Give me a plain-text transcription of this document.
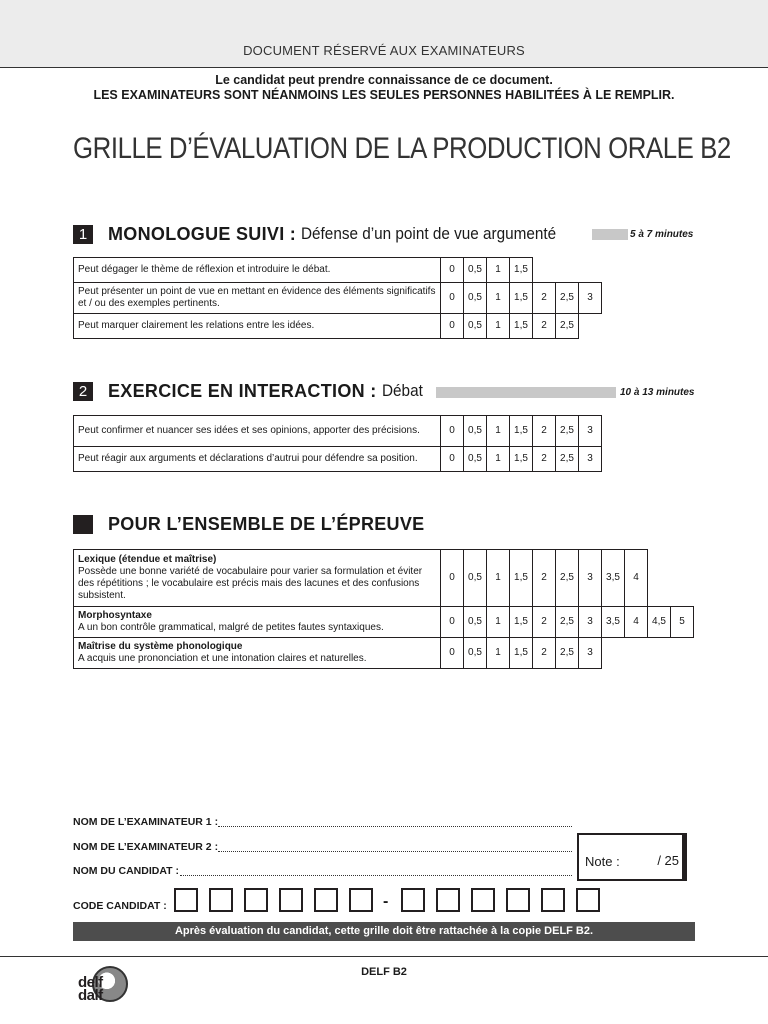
DOCUMENT RÉSERVÉ AUX EXAMINATEURS
Le candidat peut prendre connaissance de ce document.
LES EXAMINATEURS SONT NÉANMOINS LES SEULES PERSONNES HABILITÉES À LE REMPLIR.
GRILLE D’ÉVALUATION DE LA PRODUCTION ORALE B2
1	MONOLOGUE SUIVI : Défense d’un point de vue argumenté	5 à 7 minutes
Peut dégager le thème de réflexion et introduire le débat.	0	0,5	1	1,5			
Peut présenter un point de vue en mettant en évidence des éléments significatifs et / ou des exemples pertinents.	0	0,5	1	1,5	2	2,5	3
Peut marquer clairement les relations entre les idées.	0	0,5	1	1,5	2	2,5	
2	EXERCICE EN INTERACTION : Débat	10 à 13 minutes
Peut confirmer et nuancer ses idées et ses opinions, apporter des précisions.	0	0,5	1	1,5	2	2,5	3
Peut réagir aux arguments et déclarations d’autrui pour défendre sa position.	0	0,5	1	1,5	2	2,5	3
POUR L’ENSEMBLE DE L’ÉPREUVE
Lexique (étendue et maîtrise)
Possède une bonne variété de vocabulaire pour varier sa formulation et éviter des répétitions ; le vocabulaire est précis mais des lacunes et des confusions subsistent.	0	0,5	1	1,5	2	2,5	3	3,5	4		

Morphosyntaxe
A un bon contrôle grammatical, malgré de petites fautes syntaxiques.	0	0,5	1	1,5	2	2,5	3	3,5	4	4,5	5

Maîtrise du système phonologique
A acquis une prononciation et une intonation claires et naturelles.	0	0,5	1	1,5	2	2,5	3				
NOM DE L’EXAMINATEUR 1 :
NOM DE L’EXAMINATEUR 2 :
NOM DU CANDIDAT :
Note :	/ 25
CODE CANDIDAT :	-
Après évaluation du candidat, cette grille doit être rattachée à la copie DELF B2.
DELF B2
delf
dalf
